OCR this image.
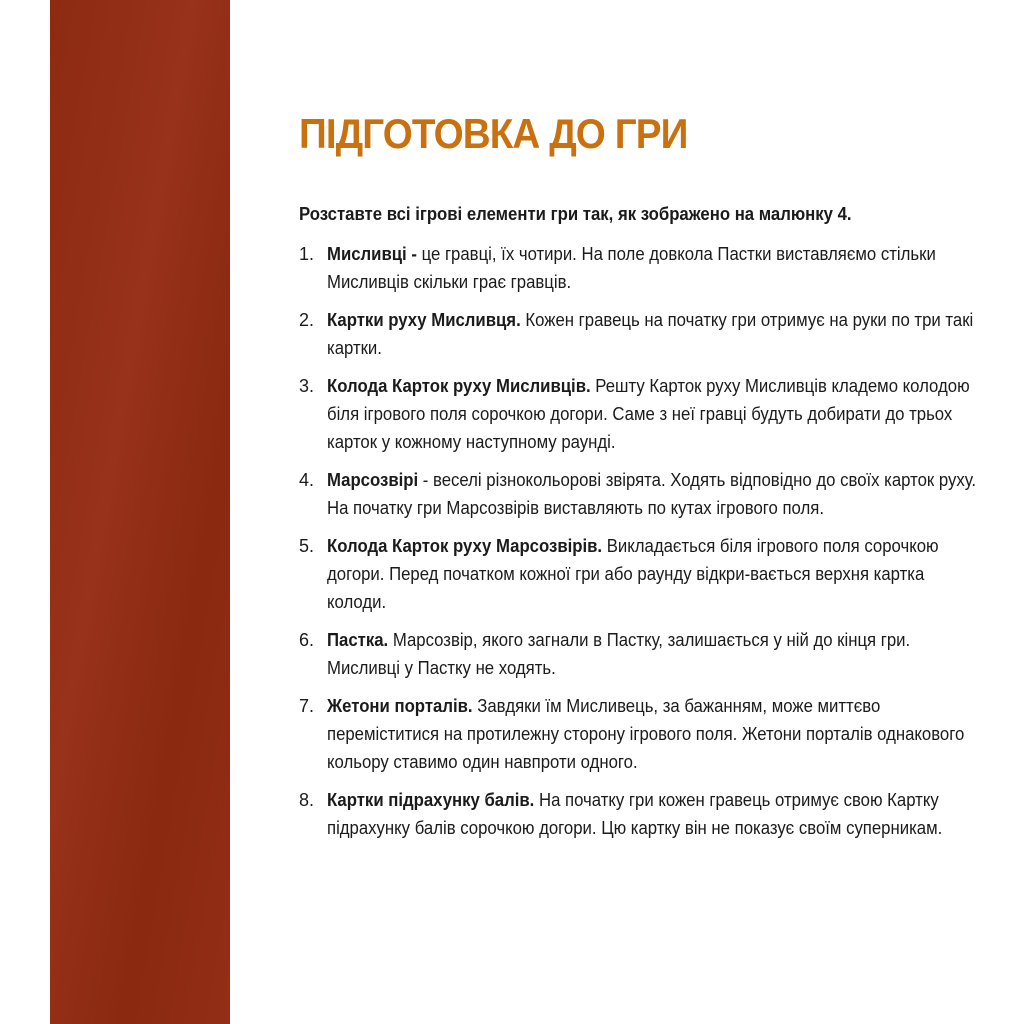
ПІДГОТОВКА ДО ГРИ

Розставте всі ігрові елементи гри так, як зображено на малюнку 4.

1. Мисливці - це гравці, їх чотири. На поле довкола Пастки виставляємо стільки Мисливців скільки грає гравців.
2. Картки руху Мисливця. Кожен гравець на початку гри отримує на руки по три такі картки.
3. Колода Карток руху Мисливців. Решту Карток руху Мисливців кладемо колодою біля ігрового поля сорочкою догори. Саме з неї гравці будуть добирати до трьох карток у кожному наступному раунді.
4. Марсозвірі - веселі різнокольорові звірята. Ходять відповідно до своїх карток руху. На початку гри Марсозвірів виставляють по кутах ігрового поля.
5. Колода Карток руху Марсозвірів. Викладається біля ігрового поля сорочкою догори. Перед початком кожної гри або раунду відкри-вається верхня картка колоди.
6. Пастка. Марсозвір, якого загнали в Пастку, залишається у ній до кінця гри. Мисливці у Пастку не ходять.
7. Жетони порталів. Завдяки їм Мисливець, за бажанням, може миттєво переміститися на протилежну сторону ігрового поля. Жетони порталів однакового кольору ставимо один навпроти одного.
8. Картки підрахунку балів. На початку гри кожен гравець отримує свою Картку підрахунку балів сорочкою догори. Цю картку він не показує своїм суперникам.
